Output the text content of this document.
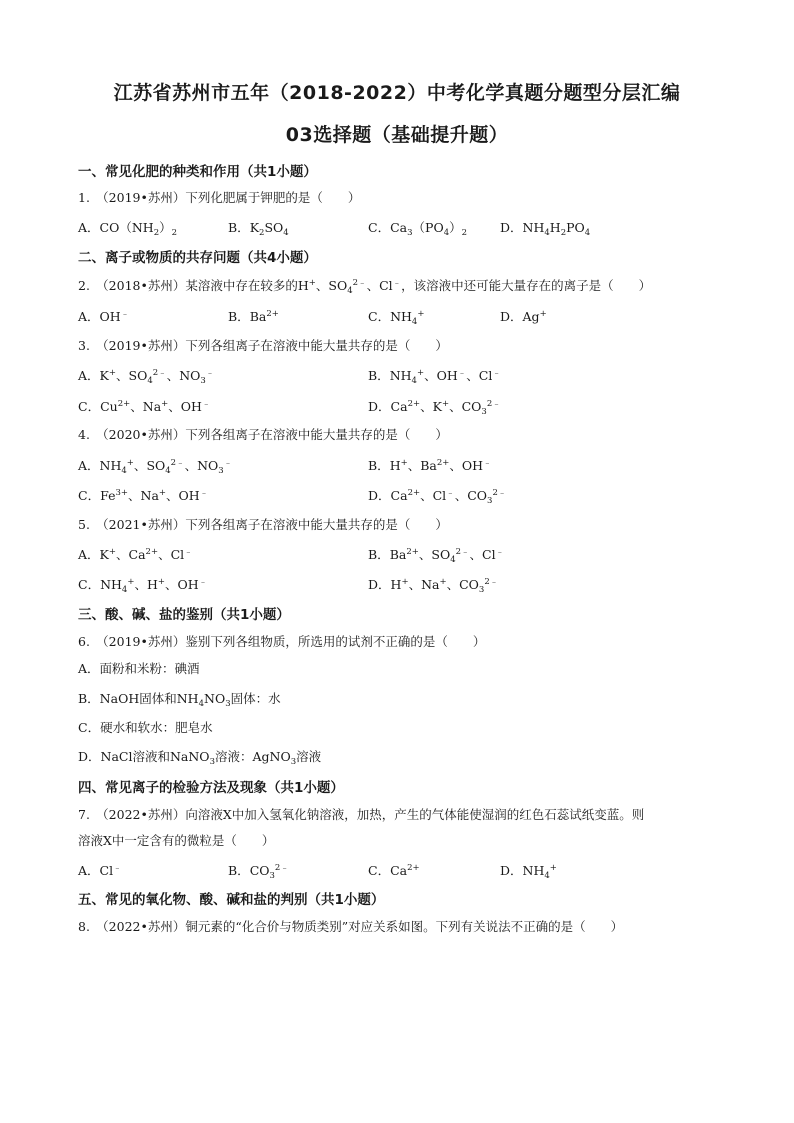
江苏省苏州市五年（2018-2022）中考化学真题分题型分层汇编
03选择题（基础提升题）
一、常见化肥的种类和作用（共1小题）
1.　（2019•苏州）下列化肥属于钾肥的是（　　）
A．$CO(NH_2)_2$	B．$K_2SO_4$	C．$Ca_3(PO_4)_2$	D．$NH_4H_2PO_4$
二、离子或物质的共存问题（共4小题）
2.　（2018•苏州）某溶液中存在较多的H+、$SO_4^{2﹣}$、Cl﹣，该溶液中还可能大量存在的离子是（　　）
A．OH﹣	B．$Ba^{2+}$	C．$NH_4^+$	D．Ag+
3.　（2019•苏州）下列各组离子在溶液中能大量共存的是（　　）
A．K+、$SO_4^{2﹣}$、$NO_3^﹣$	B．$NH_4^+$、OH﹣、Cl﹣
C．$Cu^{2+}$、Na+、OH﹣	D．$Ca^{2+}$、K+、$CO_3^{2﹣}$
4.　（2020•苏州）下列各组离子在溶液中能大量共存的是（　　）
A．$NH_4^+$、$SO_4^{2﹣}$、$NO_3^﹣$	B．H+、$Ba^{2+}$、OH﹣
C．$Fe^{3+}$、Na+、OH﹣	D．$Ca^{2+}$、Cl﹣、$CO_3^{2﹣}$
5.　（2021•苏州）下列各组离子在溶液中能大量共存的是（　　）
A．K+、$Ca^{2+}$、Cl﹣	B．$Ba^{2+}$、$SO_4^{2﹣}$、Cl﹣
C．$NH_4^+$、H+、OH﹣	D．H+、Na+、$CO_3^{2﹣}$
三、酸、碱、盐的鉴别（共1小题）
6.　（2019•苏州）鉴别下列各组物质，所选用的试剂不正确的是（　　）
A．面粉和米粉：碘酒
B．NaOH固体和$NH_4NO_3$固体：水
C．硬水和软水：肥皂水
D．NaCl溶液和NaNO$_3$溶液：AgNO$_3$溶液
四、常见离子的检验方法及现象（共1小题）
7.　（2022•苏州）向溶液X中加入氢氧化钠溶液，加热，产生的气体能使湿润的红色石蕊试纸变蓝。则
溶液X中一定含有的微粒是（　　）
A．Cl﹣	B．$CO_3^{2﹣}$	C．$Ca^{2+}$	D．$NH_4^+$
五、常见的氧化物、酸、碱和盐的判别（共1小题）
8.　（2022•苏州）铜元素的“化合价与物质类别”对应关系如图。下列有关说法不正确的是（　　）
